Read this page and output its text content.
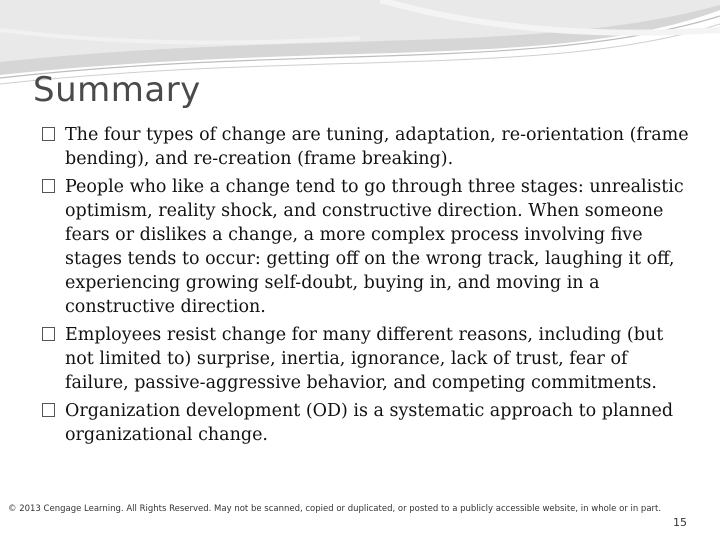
Summary
The four types of change are tuning, adaptation, re-orientation (frame bending), and re-creation (frame breaking).
People who like a change tend to go through three stages: unrealistic optimism, reality shock, and constructive direction. When someone fears or dislikes a change, a more complex process involving five stages tends to occur: getting off on the wrong track, laughing it off, experiencing growing self-doubt, buying in, and moving in a constructive direction.
Employees resist change for many different reasons, including (but not limited to) surprise, inertia, ignorance, lack of trust, fear of failure, passive-aggressive behavior, and competing commitments.
Organization development (OD) is a systematic approach to planned organizational change.
© 2013 Cengage Learning. All Rights Reserved. May not be scanned, copied or duplicated, or posted to a publicly accessible website, in whole or in part.
15
